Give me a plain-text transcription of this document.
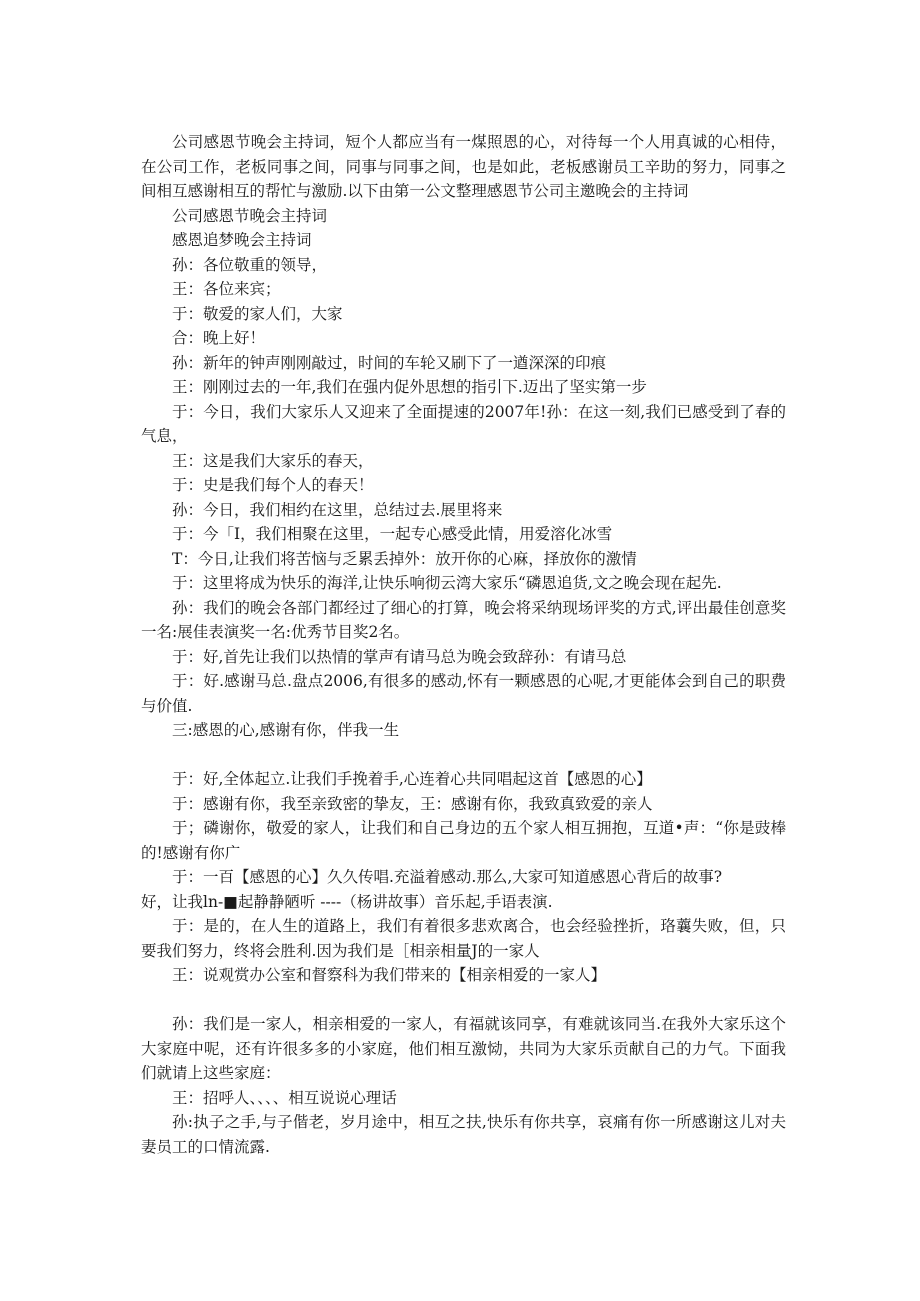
公司感恩节晚会主持词，短个人都应当有一煤照恩的心，对待每一个人用真诚的心相侍，在公司工作，老板同事之间，同事与同事之间，也是如此，老板感谢员工辛助的努力，同事之间相互感谢相互的帮忙与激励.以下由第一公文整理感恩节公司主邀晚会的主持词

公司感恩节晚会主持词

感恩追梦晚会主持词

孙：各位敬重的领导，

王：各位来宾；

于：敬爱的家人们，大家

合：晚上好！

孙：新年的钟声刚刚敲过，时间的车轮又刷下了一遒深深的印痕

王：刚刚过去的一年,我们在强内促外思想的指引下.迈出了坚实第一步

于：今日，我们大家乐人又迎来了全面提速的2007年!孙：在这一刻,我们已感受到了春的气息，

王：这是我们大家乐的春天，

于：史是我们每个人的春天！

孙：今日，我们相约在这里，总结过去.展里将来

于：今「I，我们相聚在这里，一起专心感受此情，用爱溶化冰雪

T：今日,让我们将苦恼与乏累丢掉外：放开你的心麻，择放你的激情

于：这里将成为快乐的海洋,让快乐响彻云湾大家乐“磷恩追货,文之晚会现在起先.

孙：我们的晚会各部门都经过了细心的打算，晚会将采纳现场评奖的方式,评出最佳创意奖一名:展佳表演奖一名:优秀节目奖2名。

于：好,首先让我们以热情的掌声有请马总为晚会致辞孙：有请马总

于：好.感谢马总.盘点2006,有很多的感动,怀有一颗感恩的心呢,才更能体会到自己的职费与价值.

三:感恩的心,感谢有你，伴我一生

于：好,全体起立.让我们手挽着手,心连着心共同唱起这首【感恩的心】

于：感谢有你，我至亲致密的挚友，王：感谢有你，我致真致爱的亲人

于；磷谢你，敬爱的家人，让我们和自己身边的五个家人相互拥抱，互道•声：“你是豉棒的!感谢有你广

于：一百【感恩的心】久久传唱.充溢着感动.那么,大家可知道感恩心背后的故事?

好，让我ln-■起静静陋听 ----（杨讲故事）音乐起,手语表演.

于：是的，在人生的道路上，我们有着很多悲欢离合，也会经验挫折，珞蘘失败，但，只要我们努力，终将会胜利.因为我们是［相亲相量J的一家人

王：说观赏办公室和督察科为我们带来的【相亲相爱的一家人】

孙：我们是一家人，相亲相爱的一家人，有福就该同享，有难就该同当.在我外大家乐这个大家庭中呢，还有许很多多的小家庭，他们相互激恸，共同为大家乐贡献自己的力气。下面我们就请上这些家庭：

王：招呼人、、、、相互说说心理话

孙:执子之手,与子偕老，岁月途中，相互之扶,快乐有你共享，哀痛有你一所感谢这儿对夫妻员工的口情流露.
